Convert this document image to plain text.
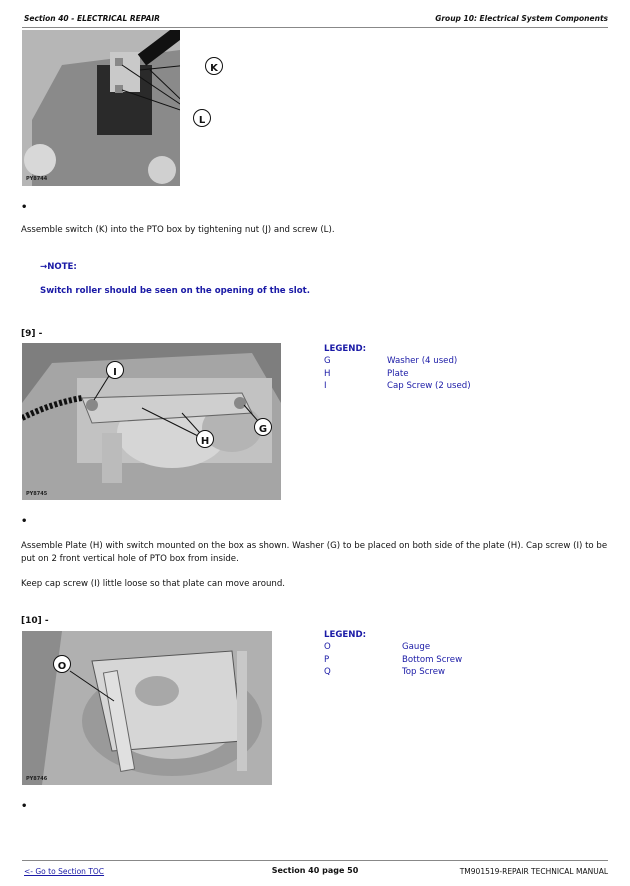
Section 40 - ELECTRICAL REPAIR	Group 10: Electrical System Components
K
L
PY8744
•
Assemble switch (K) into the PTO box by tightening nut (J) and screw (L).
→NOTE:
Switch roller should be seen on the opening of the slot.
[9] -
I
H
G
PY8745
LEGEND:
G	Washer (4 used)
H	Plate
I	Cap Screw (2 used)
•
Assemble Plate (H) with switch mounted on the box as shown. Washer (G) to be placed on both side of the plate (H). Cap screw (I) to be put on 2 front vertical hole of PTO box from inside.
Keep cap screw (I) little loose so that plate can move around.
[10] -
O
PY8746
LEGEND:
O	Gauge
P	Bottom Screw
Q	Top Screw
•
<- Go to Section TOC	Section 40 page 50	TM901519-REPAIR TECHNICAL MANUAL
